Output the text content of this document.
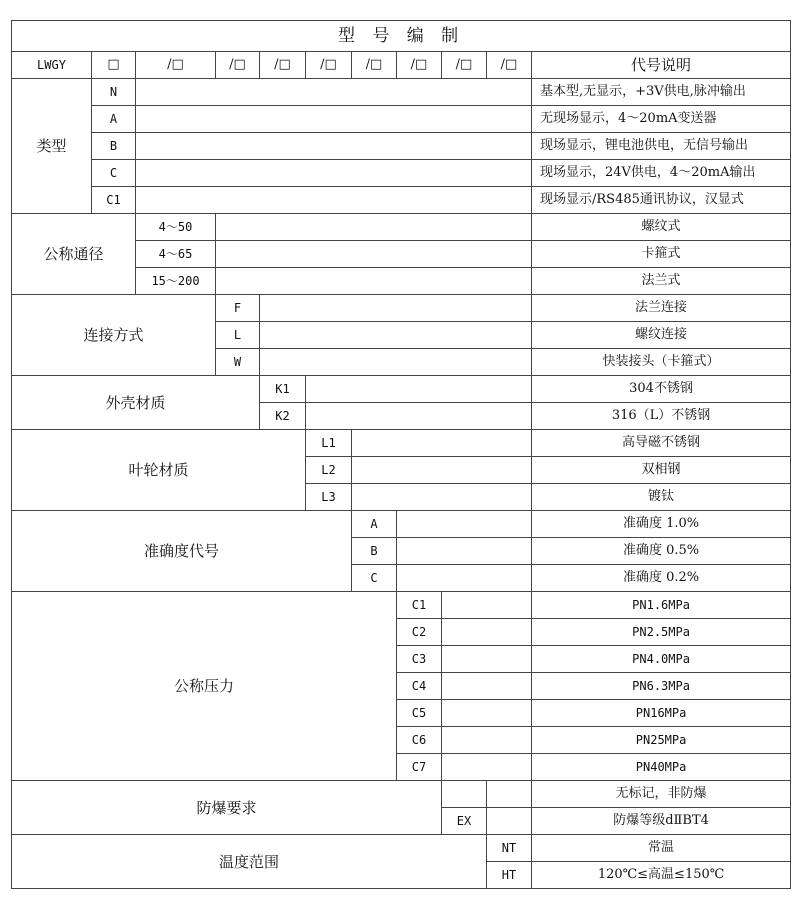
型 号 编 制										
LWGY	□	/□	/□	/□	/□	/□	/□	/□	/□	代号说明
类型	N									基本型,无显示，+3V供电,脉冲输出
	A									无现场显示，4～20mA变送器
	B									现场显示，锂电池供电，无信号输出
	C									现场显示，24V供电，4～20mA输出
	C1									现场显示/RS485通讯协议，汉显式
公称通径		4～50								螺纹式
		4～65								卡箍式
		15～200								法兰式
连接方式			F							法兰连接
			L							螺纹连接
			W							快装接头（卡箍式）
外壳材质				K1						304不锈钢
				K2						316（L）不锈钢
叶轮材质					L1					高导磁不锈钢
					L2					双相钢
					L3					镀钛
准确度代号						A				准确度 1.0%
						B				准确度 0.5%
						C				准确度 0.2%
公称压力							C1			PN1.6MPa
							C2			PN2.5MPa
							C3			PN4.0MPa
							C4			PN6.3MPa
							C5			PN16MPa
							C6			PN25MPa
							C7			PN40MPa
防爆要求										无标记，非防爆
								EX		防爆等级dⅡBT4
温度范围									NT	常温
									HT	120℃≤高温≤150℃
